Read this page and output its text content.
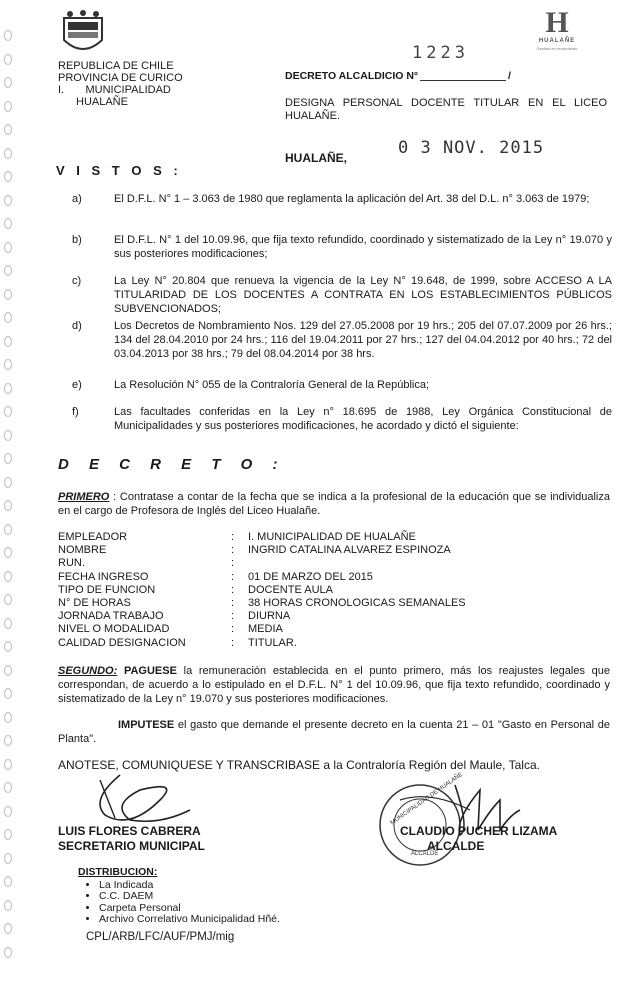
REPUBLICA DE CHILE
PROVINCIA DE CURICO
I.       MUNICIPALIDAD
HUALAÑE
H
HUALAÑE
Gestión en movimiento
1223
DECRETO ALCALDICIO N°	/
DESIGNA PERSONAL DOCENTE TITULAR EN EL LICEO HUALAÑE.
HUALAÑE,	0 3 NOV. 2015
V I S T O S :
a)	El D.F.L. N° 1 – 3.063 de 1980 que reglamenta la aplicación del Art. 38 del D.L. n° 3.063 de 1979;
b)	El D.F.L. N° 1 del 10.09.96, que fija texto refundido, coordinado y sistematizado de la Ley n° 19.070 y sus posteriores modificaciones;
c)	La Ley N° 20.804 que renueva la vigencia de la Ley N° 19.648, de 1999, sobre ACCESO A LA TITULARIDAD DE LOS DOCENTES A CONTRATA EN LOS ESTABLECIMIENTOS PÚBLICOS SUBVENCIONADOS;
d)	Los Decretos de Nombramiento Nos. 129 del 27.05.2008 por 19 hrs.; 205 del 07.07.2009 por 26 hrs.; 134 del 28.04.2010 por 24 hrs.; 116 del 19.04.2011 por 27 hrs.; 127 del 04.04.2012 por 40 hrs.; 72 del 03.04.2013 por 38 hrs.; 79 del 08.04.2014 por 38 hrs.
e)	La Resolución N° 055 de la Contraloría General de la República;
f)	Las facultades conferidas en la Ley n° 18.695 de 1988, Ley Orgánica Constitucional de Municipalidades y sus posteriores modificaciones, he acordado y dictó el siguiente:
D E C R E T O :
PRIMERO : Contratase a contar de la fecha que se indica a la profesional de la educación que se individualiza en el cargo de Profesora de Inglés del Liceo Hualañe.
EMPLEADOR	: I. MUNICIPALIDAD DE HUALAÑE
NOMBRE	: INGRID CATALINA ALVAREZ ESPINOZA
RUN.	:
FECHA INGRESO	: 01 DE MARZO DEL 2015
TIPO DE FUNCION	: DOCENTE AULA
N° DE HORAS	: 38 HORAS CRONOLOGICAS SEMANALES
JORNADA TRABAJO	: DIURNA
NIVEL O MODALIDAD	: MEDIA
CALIDAD DESIGNACION	: TITULAR.
SEGUNDO: PAGUESE la remuneración establecida en el punto primero, más los reajustes legales que correspondan, de acuerdo a lo estipulado en el D.F.L. N° 1 del 10.09.96, que fija texto refundido, coordinado y sistematizado de la Ley n° 19.070 y sus posteriores modificaciones.
IMPUTESE el gasto que demande el presente decreto en la cuenta 21 – 01 "Gasto en Personal de Planta".
ANOTESE, COMUNIQUESE Y TRANSCRIBASE a la Contraloría Región del Maule, Talca.
MUNICIPALIDAD DE HUALAÑE
ALCALDE
LUIS FLORES CABRERA
SECRETARIO MUNICIPAL
CLAUDIO PUCHER LIZAMA
ALCALDE
DISTRIBUCION:
• La Indicada
• C.C. DAEM
• Carpeta Personal
• Archivo Correlativo Municipalidad Hñé.
CPL/ARB/LFC/AUF/PMJ/mig
